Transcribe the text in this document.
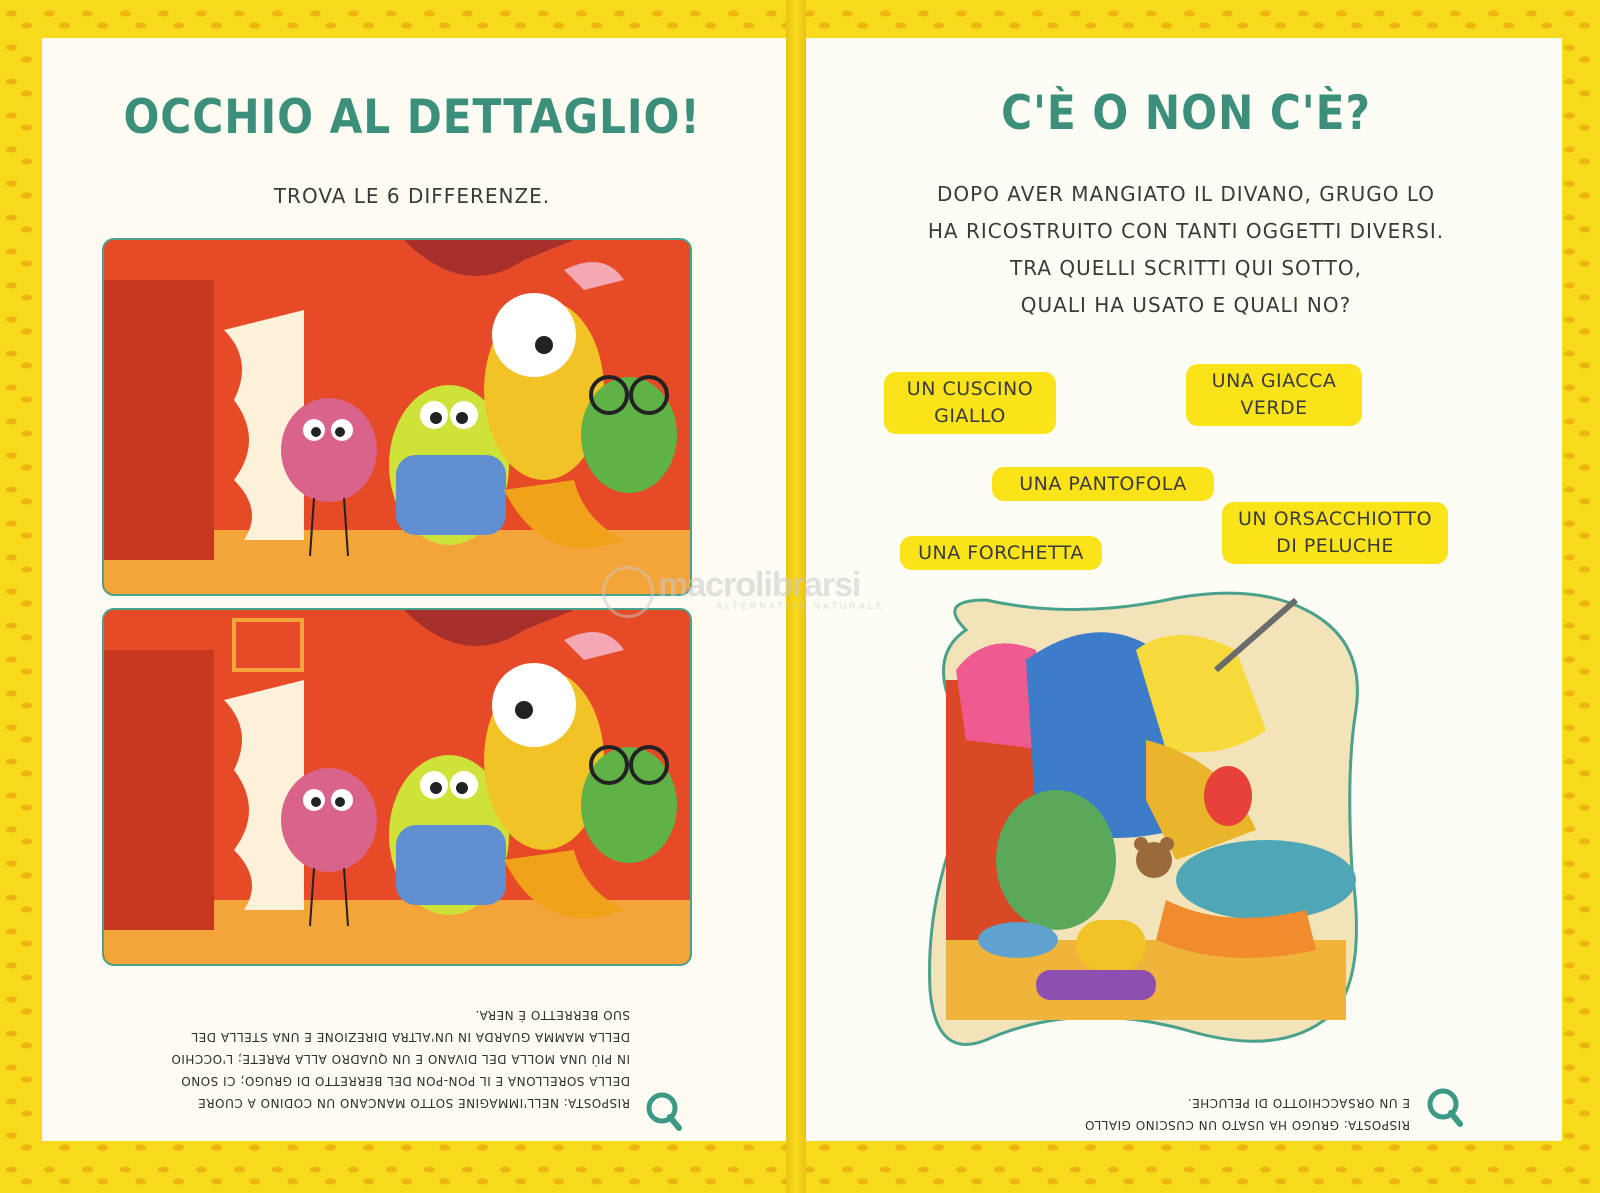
OCCHIO AL DETTAGLIO!
TROVA LE 6 DIFFERENZE.
RISPOSTA: NELL'IMMAGINE SOTTO MANCANO UN CODINO A CUORE
DELLA SORELLONA E IL PON-PON DEL BERRETTO DI GRUGO; CI SONO
IN PIÙ UNA MOLLA DEL DIVANO E UN QUADRO ALLA PARETE; L'OCCHIO
DELLA MAMMA GUARDA IN UN'ALTRA DIREZIONE E UNA STELLA DEL
SUO BERRETTO È NERA.
C'È O NON C'È?
DOPO AVER MANGIATO IL DIVANO, GRUGO LO
HA RICOSTRUITO CON TANTI OGGETTI DIVERSI.
TRA QUELLI SCRITTI QUI SOTTO,
QUALI HA USATO E QUALI NO?
UN CUSCINO
GIALLO
UNA GIACCA
VERDE
UNA PANTOFOLA
UN ORSACCHIOTTO
DI PELUCHE
UNA FORCHETTA
RISPOSTA: GRUGO HA USATO UN CUSCINO GIALLO
E UN ORSACCHIOTTO DI PELUCHE.
macrolibrarsi
ALTERNATIVA NATURALE
